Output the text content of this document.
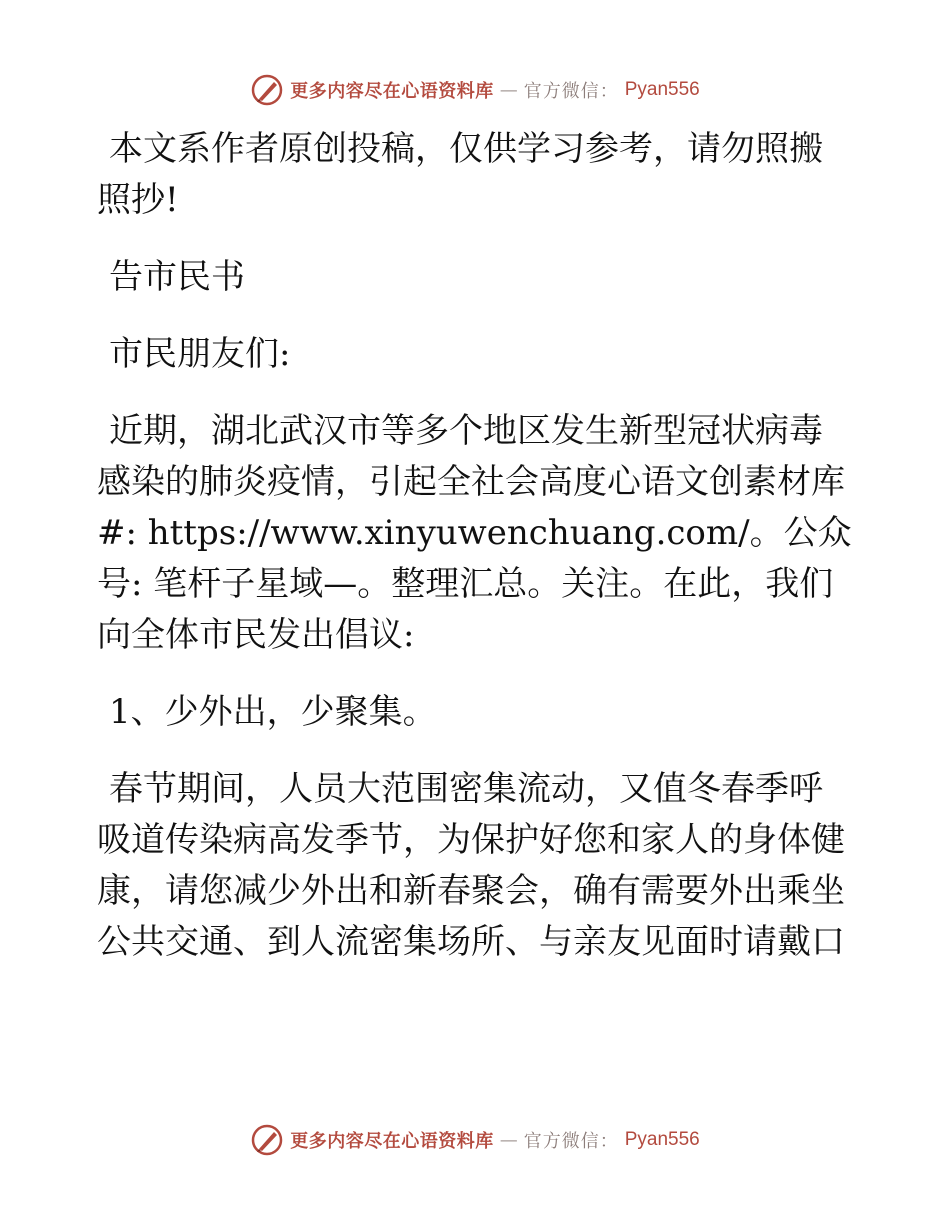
更多内容尽在心语资料库 — 官方微信： Pyan556

本文系作者原创投稿，仅供学习参考，请勿照搬照抄!

告市民书

市民朋友们:

近期，湖北武汉市等多个地区发生新型冠状病毒感染的肺炎疫情，引起全社会高度心语文创素材库#: https://www.xinyuwenchuang.com/。公众号: 笔杆子星域—。整理汇总。关注。在此，我们向全体市民发出倡议:

1、少外出，少聚集。

春节期间，人员大范围密集流动，又值冬春季呼吸道传染病高发季节，为保护好您和家人的身体健康，请您减少外出和新春聚会，确有需要外出乘坐公共交通、到人流密集场所、与亲友见面时请戴口

更多内容尽在心语资料库 — 官方微信： Pyan556
